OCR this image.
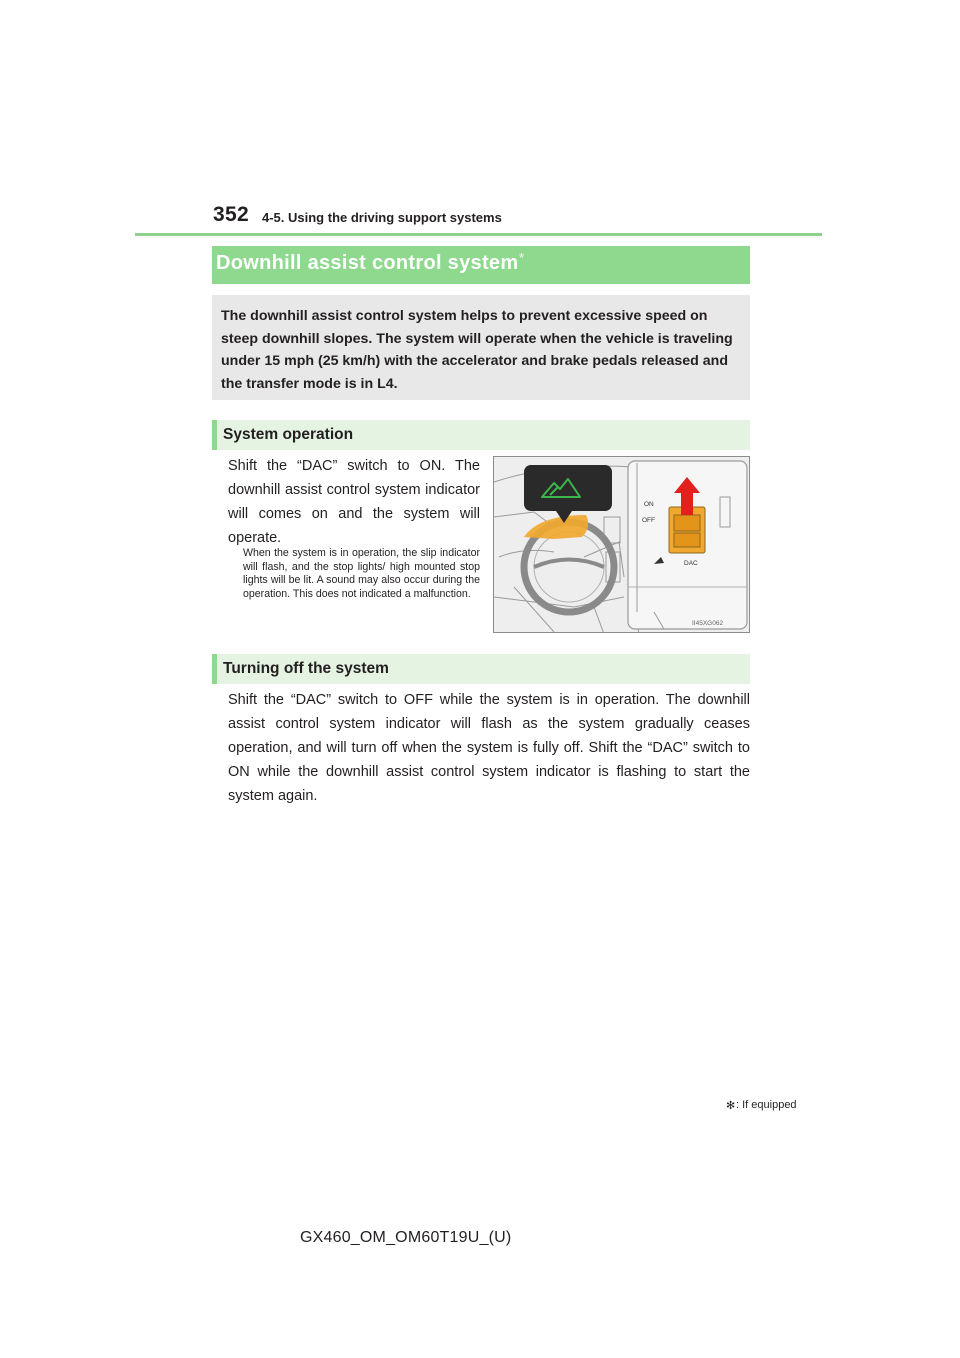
352 4-5. Using the driving support systems
Downhill assist control system *
The downhill assist control system helps to prevent excessive speed on steep downhill slopes. The system will operate when the vehicle is traveling under 15 mph (25 km/h) with the accelerator and brake pedals released and the transfer mode is in L4.
System operation
Shift the “DAC” switch to ON. The downhill assist control system indicator will comes on and the system will operate.
When the system is in operation, the slip indicator will flash, and the stop lights/ high mounted stop lights will be lit. A sound may also occur during the operation. This does not indicated a malfunction.
ON
OFF
DAC
II45XG062
Turning off the system
Shift the “DAC” switch to OFF while the system is in operation. The downhill assist control system indicator will flash as the system gradually ceases operation, and will turn off when the system is fully off. Shift the “DAC” switch to ON while the downhill assist control system indicator is flashing to start the system again.
✻ : If equipped
GX460_OM_OM60T19U_(U)
